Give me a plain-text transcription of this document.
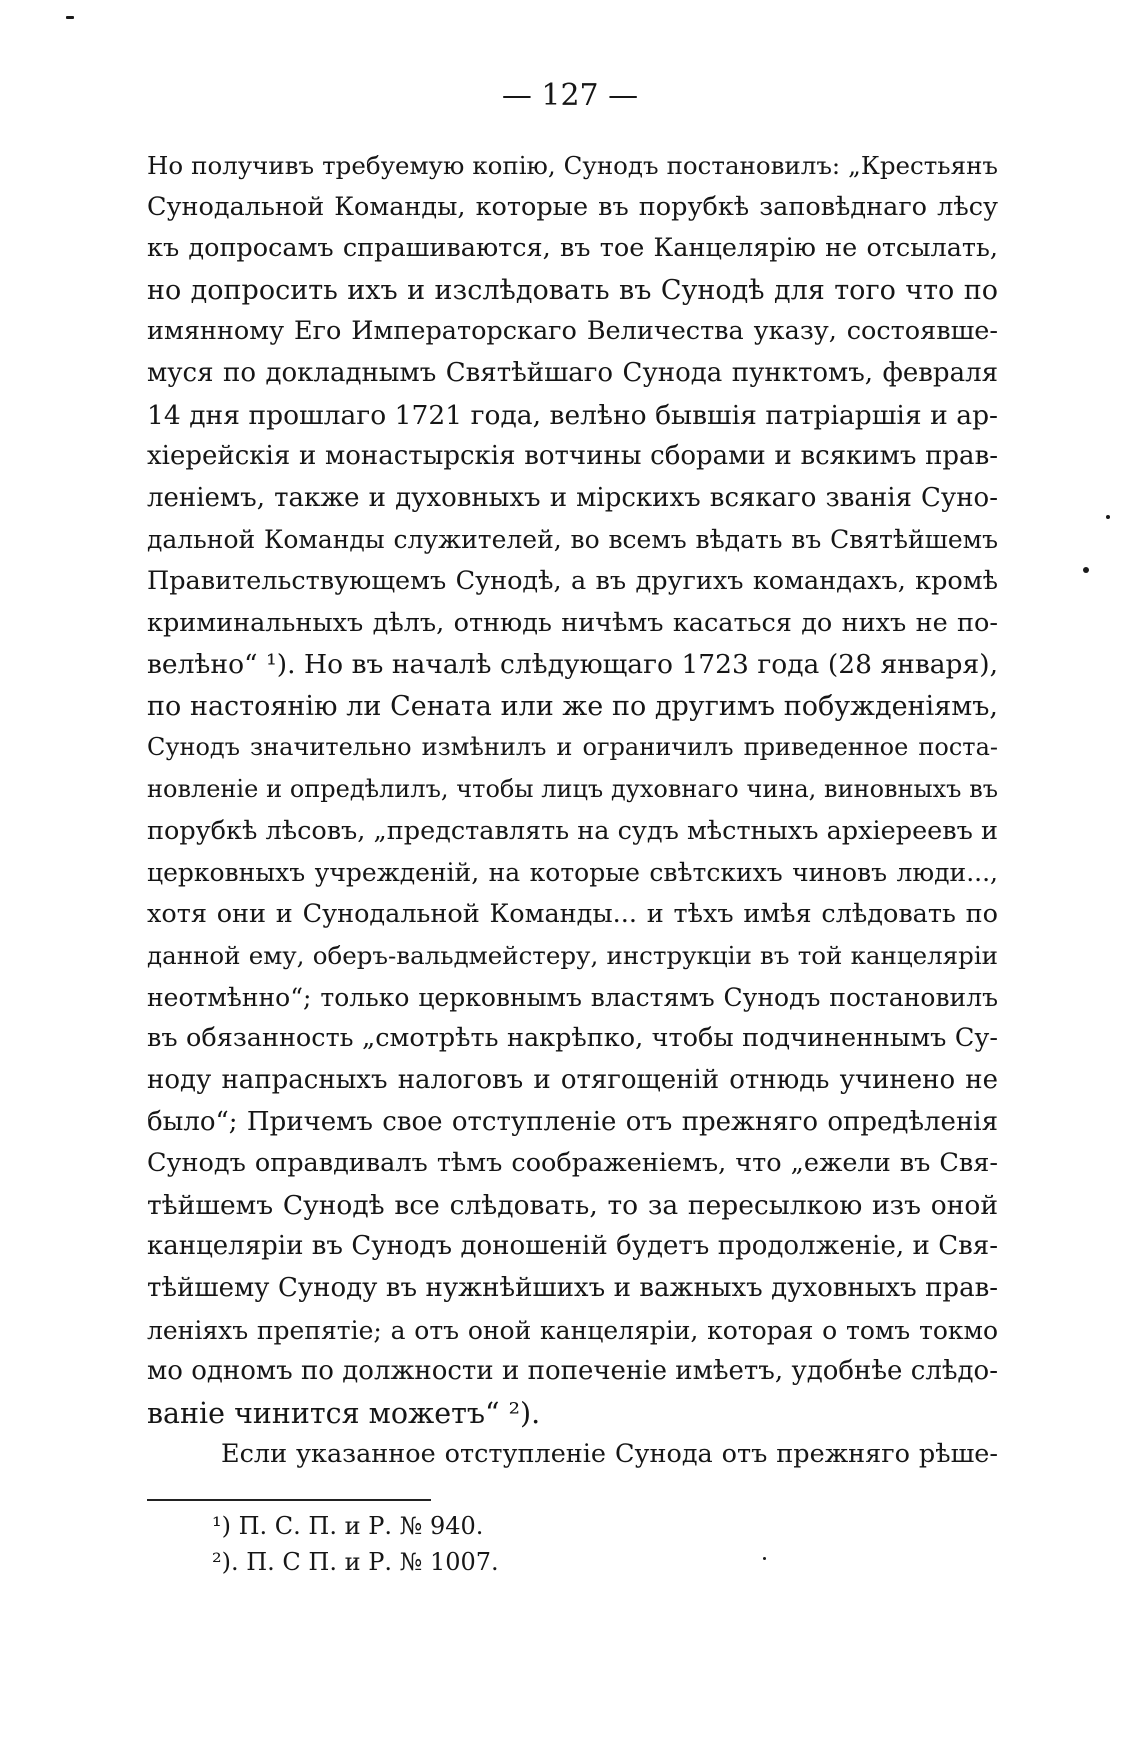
— 127 —
Но получивъ требуемую копію, Сунодъ постановилъ: „Крестьянъ
Сунодальной Команды, которые въ порубкѣ заповѣднаго лѣсу
къ допросамъ спрашиваются, въ тое Канцелярію не отсылать,
но допросить ихъ и изслѣдовать въ Сунодѣ для того что по
имянному Его Императорскаго Величества указу, состоявше-
муся по докладнымъ Святѣйшаго Сунода пунктомъ, февраля
14 дня прошлаго 1721 года, велѣно бывшія патріаршія и ар-
хіерейскія и монастырскія вотчины сборами и всякимъ прав-
леніемъ, также и духовныхъ и мірскихъ всякаго званія Суно-
дальной Команды служителей, во всемъ вѣдать въ Святѣйшемъ
Правительствующемъ Сунодѣ, а въ другихъ командахъ, кромѣ
криминальныхъ дѣлъ, отнюдь ничѣмъ касаться до нихъ не по-
велѣно“ ¹). Но въ началѣ слѣдующаго 1723 года (28 января),
по настоянію ли Сената или же по другимъ побужденіямъ,
Сунодъ значительно измѣнилъ и ограничилъ приведенное поста-
новленіе и опредѣлилъ, чтобы лицъ духовнаго чина, виновныхъ въ
порубкѣ лѣсовъ, „представлять на судъ мѣстныхъ архіереевъ и
церковныхъ учрежденій, на которые свѣтскихъ чиновъ люди...,
хотя они и Сунодальной Команды... и тѣхъ имѣя слѣдовать по
данной ему, оберъ-вальдмейстеру, инструкціи въ той канцеляріи
неотмѣнно“; только церковнымъ властямъ Сунодъ постановилъ
въ обязанность „смотрѣть накрѣпко, чтобы подчиненнымъ Су-
ноду напрасныхъ налоговъ и отягощеній отнюдь учинено не
было“; Причемъ свое отступленіе отъ прежняго опредѣленія
Сунодъ оправдивалъ тѣмъ соображеніемъ, что „ежели въ Свя-
тѣйшемъ Сунодѣ все слѣдовать, то за пересылкою изъ оной
канцеляріи въ Сунодъ доношеній будетъ продолженіе, и Свя-
тѣйшему Суноду въ нужнѣйшихъ и важныхъ духовныхъ прав-
леніяхъ препятіе; а отъ оной канцеляріи, которая о томъ токмо
мо одномъ по должности и попеченіе имѣетъ, удобнѣе слѣдо-
ваніе чинится можетъ“ ²).
Если указанное отступленіе Сунода отъ прежняго рѣше-
¹) П. С. П. и Р. № 940.
²). П. С П. и Р. № 1007.
